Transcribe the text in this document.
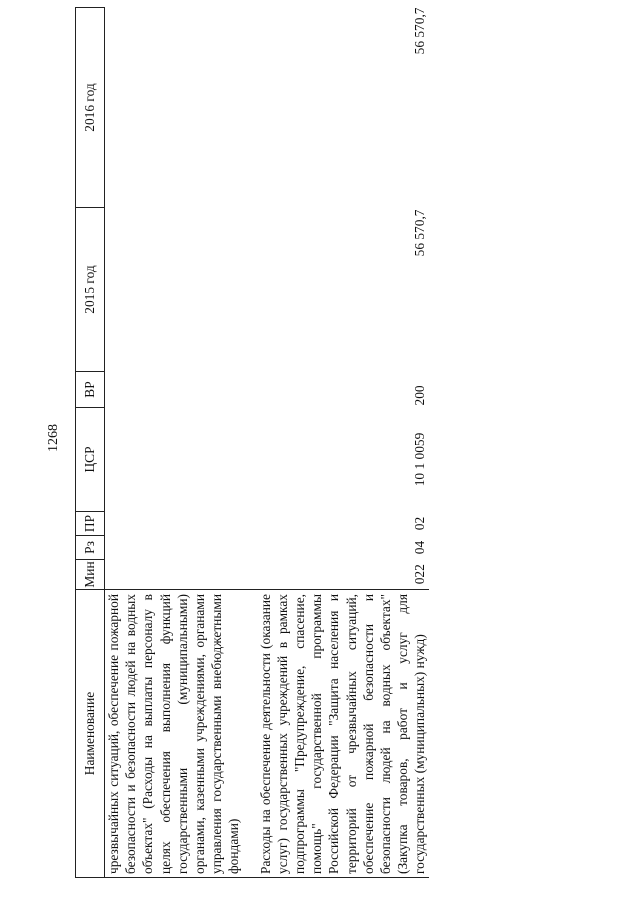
1268
Наименование	Мин	Рз	ПР	ЦСР	ВР	2015 год	2016 год
чрезвычайных ситуаций, обеспечение пожарной безопасности и безопасности людей на водных объектах" (Расходы на выплаты персоналу в целях обеспечения выполнения функций государственными (муниципальными) органами, казенными учреждениями, органами управления государственными внебюджетными фондами)							
Расходы на обеспечение деятельности (оказание услуг) государственных учреждений в рамках подпрограммы "Предупреждение, спасение, помощь" государственной программы Российской Федерации "Защита населения и территорий от чрезвычайных ситуаций, обеспечение пожарной безопасности и безопасности людей на водных объектах" (Закупка товаров, работ и услуг для государственных (муниципальных) нужд)	022	04	02	10 1 0059	200	56 570,7	56 570,7
